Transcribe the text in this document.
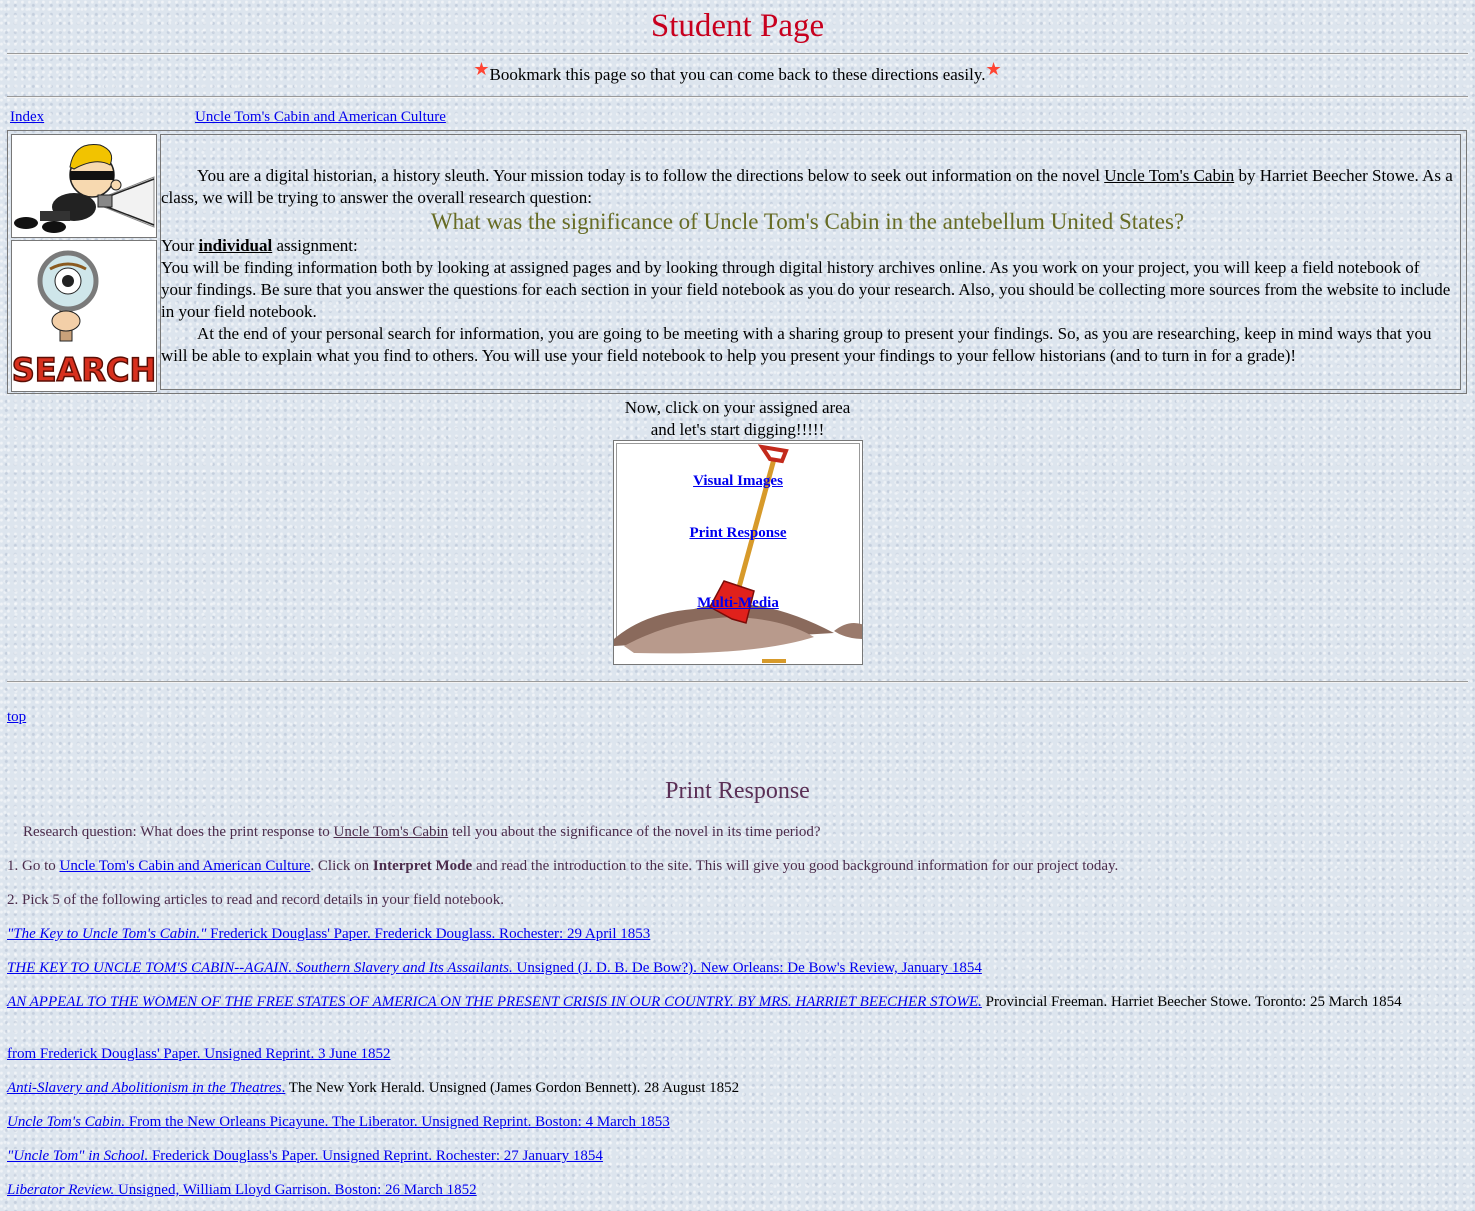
Student Page
★Bookmark this page so that you can come back to these directions easily.★
Index	Uncle Tom's Cabin and American Culture
SEARCH

You are a digital historian, a history sleuth. Your mission today is to follow the directions below to seek out information on the novel Uncle Tom's Cabin by Harriet Beecher Stowe. As a class, we will be trying to answer the overall research question:

What was the significance of Uncle Tom's Cabin in the antebellum United States?

Your individual assignment:

You will be finding information both by looking at assigned pages and by looking through digital history archives online. As you work on your project, you will keep a field notebook of your findings. Be sure that you answer the questions for each section in your field notebook as you do your research. Also, you should be collecting more sources from the website to include in your field notebook.

At the end of your personal search for information, you are going to be meeting with a sharing group to present your findings. So, as you are researching, keep in mind ways that you will be able to explain what you find to others. You will use your field notebook to help you present your findings to your fellow historians (and to turn in for a grade)!

Now, click on your assigned area
and let's start digging!!!!!
Visual Images
Print Response
Multi-Media
top
Print Response
Research question: What does the print response to Uncle Tom's Cabin tell you about the significance of the novel in its time period?
1. Go to Uncle Tom's Cabin and American Culture. Click on Interpret Mode and read the introduction to the site. This will give you good background information for our project today.
2. Pick 5 of the following articles to read and record details in your field notebook.
"The Key to Uncle Tom's Cabin." Frederick Douglass' Paper. Frederick Douglass. Rochester: 29 April 1853
THE KEY TO UNCLE TOM'S CABIN--AGAIN. Southern Slavery and Its Assailants. Unsigned (J. D. B. De Bow?). New Orleans: De Bow's Review, January 1854
AN APPEAL TO THE WOMEN OF THE FREE STATES OF AMERICA ON THE PRESENT CRISIS IN OUR COUNTRY. BY MRS. HARRIET BEECHER STOWE. Provincial Freeman. Harriet Beecher Stowe. Toronto: 25 March 1854
from Frederick Douglass' Paper. Unsigned Reprint. 3 June 1852
Anti-Slavery and Abolitionism in the Theatres. The New York Herald. Unsigned (James Gordon Bennett). 28 August 1852
Uncle Tom's Cabin. From the New Orleans Picayune. The Liberator. Unsigned Reprint. Boston: 4 March 1853
"Uncle Tom" in School. Frederick Douglass's Paper. Unsigned Reprint. Rochester: 27 January 1854
Liberator Review. Unsigned, William Lloyd Garrison. Boston: 26 March 1852
